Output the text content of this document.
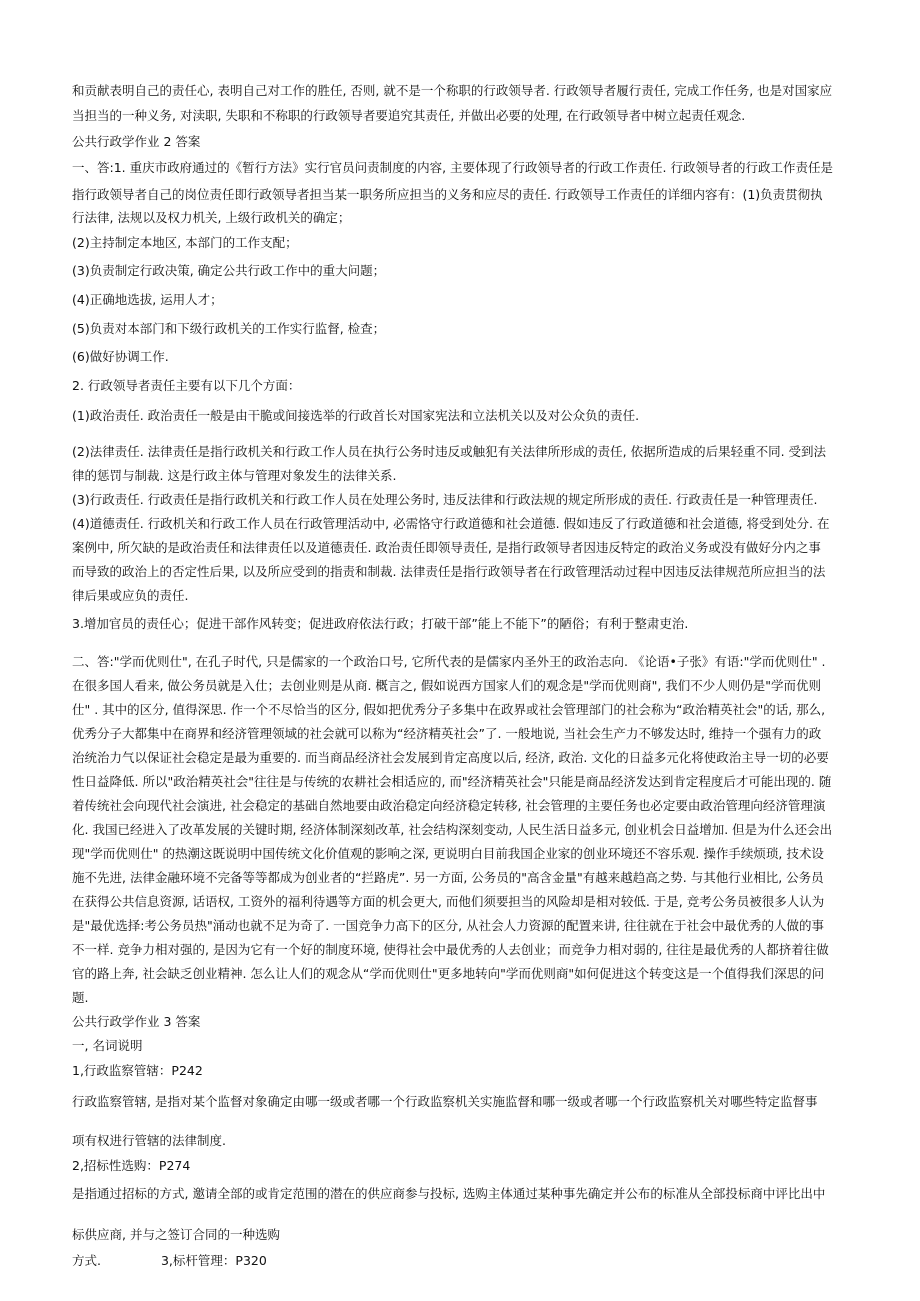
和贡献表明自己的责任心, 表明自己对工作的胜任, 否则, 就不是一个称职的行政领导者. 行政领导者履行责任, 完成工作任务, 也是对国家应
当担当的一种义务, 对渎职, 失职和不称职的行政领导者要追究其责任, 并做出必要的处理, 在行政领导者中树立起责任观念.
公共行政学作业 2 答案
一、答:1. 重庆市政府通过的《暂行方法》实行官员问责制度的内容, 主要体现了行政领导者的行政工作责任. 行政领导者的行政工作责任是
指行政领导者自己的岗位责任即行政领导者担当某一职务所应担当的义务和应尽的责任. 行政领导工作责任的详细内容有：(1)负责贯彻执
行法律, 法规以及权力机关, 上级行政机关的确定；
(2)主持制定本地区, 本部门的工作支配；
(3)负责制定行政决策, 确定公共行政工作中的重大问题；
(4)正确地选拔, 运用人才；
(5)负责对本部门和下级行政机关的工作实行监督, 检查；
(6)做好协调工作.
2. 行政领导者责任主要有以下几个方面：
(1)政治责任. 政治责任一般是由干脆或间接选举的行政首长对国家宪法和立法机关以及对公众负的责任.
(2)法律责任. 法律责任是指行政机关和行政工作人员在执行公务时违反或触犯有关法律所形成的责任, 依据所造成的后果轻重不同. 受到法
律的惩罚与制裁. 这是行政主体与管理对象发生的法律关系.
(3)行政责任. 行政责任是指行政机关和行政工作人员在处理公务时, 违反法律和行政法规的规定所形成的责任. 行政责任是一种管理责任.
(4)道德责任. 行政机关和行政工作人员在行政管理活动中, 必需恪守行政道德和社会道德. 假如违反了行政道德和社会道德, 将受到处分. 在
案例中, 所欠缺的是政治责任和法律责任以及道德责任. 政治责任即领导责任, 是指行政领导者因违反特定的政治义务或没有做好分内之事
而导致的政治上的否定性后果, 以及所应受到的指责和制裁. 法律责任是指行政领导者在行政管理活动过程中因违反法律规范所应担当的法
律后果或应负的责任.
3.增加官员的责任心；促进干部作风转变；促进政府依法行政；打破干部”能上不能下”的陋俗；有利于整肃吏治.
二、答:"学而优则仕", 在孔子时代, 只是儒家的一个政治口号, 它所代表的是儒家内圣外王的政治志向. 《论语•子张》有语:"学而优则仕" .
在很多国人看来, 做公务员就是入仕；去创业则是从商. 概言之, 假如说西方国家人们的观念是"学而优则商", 我们不少人则仍是"学而优则
仕" . 其中的区分, 值得深思. 作一个不尽恰当的区分, 假如把优秀分子多集中在政界或社会管理部门的社会称为“政治精英社会"的话, 那么,
优秀分子大都集中在商界和经济管理领域的社会就可以称为“经济精英社会”了. 一般地说, 当社会生产力不够发达时, 维持一个强有力的政
治统治力气以保证社会稳定是最为重要的. 而当商品经济社会发展到肯定高度以后, 经济, 政治. 文化的日益多元化将使政治主导一切的必要
性日益降低. 所以"政治精英社会"往往是与传统的农耕社会相适应的, 而"经济精英社会"只能是商品经济发达到肯定程度后才可能出现的. 随
着传统社会向现代社会演进, 社会稳定的基础自然地要由政治稳定向经济稳定转移, 社会管理的主要任务也必定要由政治管理向经济管理演
化. 我国已经进入了改革发展的关键时期, 经济体制深刻改革, 社会结构深刻变动, 人民生活日益多元, 创业机会日益增加. 但是为什么还会出
现"学而优则仕" 的热潮这既说明中国传统文化价值观的影响之深, 更说明白目前我国企业家的创业环境还不容乐观. 操作手续烦琐, 技术设
施不先进, 法律金融环境不完备等等都成为创业者的“拦路虎”. 另一方面, 公务员的"高含金量"有越来越趋高之势. 与其他行业相比, 公务员
在获得公共信息资源, 话语权, 工资外的福利待遇等方面的机会更大, 而他们须要担当的风险却是相对较低. 于是, 竞考公务员被很多人认为
是"最优选择:考公务员热"涌动也就不足为奇了. 一国竞争力高下的区分, 从社会人力资源的配置来讲, 往往就在于社会中最优秀的人做的事
不一样. 竞争力相对强的, 是因为它有一个好的制度环境, 使得社会中最优秀的人去创业；而竞争力相对弱的, 往往是最优秀的人都挤着往做
官的路上奔, 社会缺乏创业精神. 怎么让人们的观念从“学而优则仕"更多地转向"学而优则商"如何促进这个转变这是一个值得我们深思的问
题.
公共行政学作业 3 答案
一, 名词说明
1,行政监察管辖：P242
行政监察管辖, 是指对某个监督对象确定由哪一级或者哪一个行政监察机关实施监督和哪一级或者哪一个行政监察机关对哪些特定监督事
项有权进行管辖的法律制度.
2,招标性选购：P274
是指通过招标的方式, 邀请全部的或肯定范围的潜在的供应商参与投标, 选购主体通过某种事先确定并公布的标准从全部投标商中评比出中
标供应商, 并与之签订合同的一种选购
方式.	3,标杆管理：P320
